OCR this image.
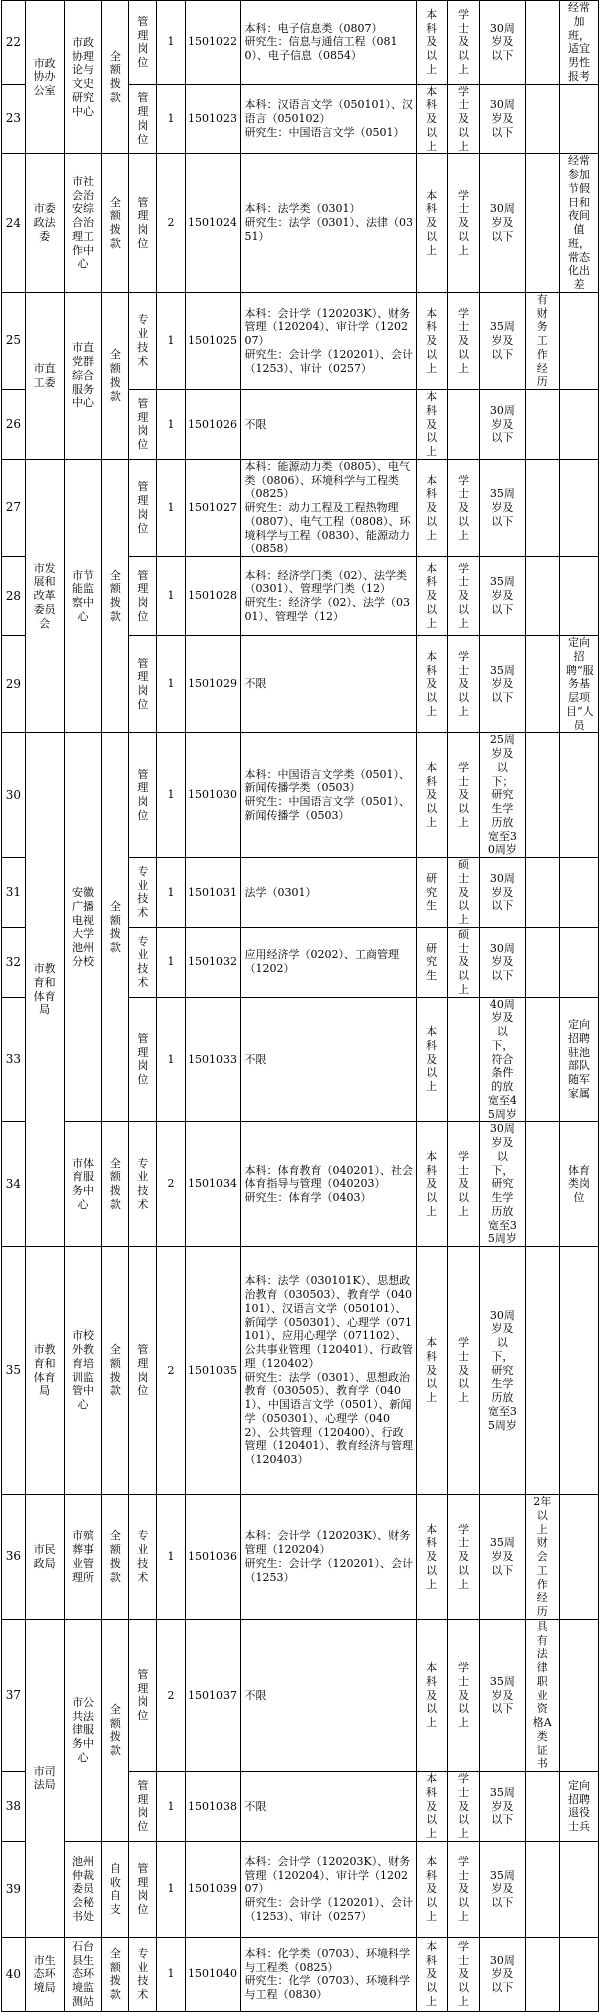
22	市政协办公室	市政协理论与文史研究中心	全额拨款	管理岗位	1	1501022	本科：电子信息类（0807）
研究生：信息与通信工程（0810）、电子信息（0854）	本科及以上	学士及以上	30周岁及以下		经常加班，适宜男性报考
23				管理岗位	1	1501023	本科：汉语言文学（050101）、汉语言（050102）
研究生：中国语言文学（0501）	本科及以上	学士及以上	30周岁及以下		
24	市委政法委	市社会治安综合治理工作中心	全额拨款	管理岗位	2	1501024	本科：法学类（0301）
研究生：法学（0301）、法律（0351）	本科及以上	学士及以上	30周岁及以下		经常参加节假日和夜间值班，常态化出差
25	市直工委	市直党群综合服务中心	全额拨款	专业技术	1	1501025	本科：会计学（120203K）、财务管理（120204）、审计学（120207）
研究生：会计学（120201）、会计（1253）、审计（0257）	本科及以上	学士及以上	35周岁及以下	有财务工作经历	
26				管理岗位	1	1501026	不限	本科及以上		30周岁及以下		
27	市发展和改革委员会	市节能监察中心	全额拨款	管理岗位	1	1501027	本科：能源动力类（0805）、电气类（0806）、环境科学与工程类（0825）
研究生：动力工程及工程热物理（0807）、电气工程（0808）、环境科学与工程（0830）、能源动力（0858）	本科及以上	学士及以上	35周岁及以下		
28				管理岗位	1	1501028	本科：经济学门类（02）、法学类（0301）、管理学门类（12）
研究生：经济学（02）、法学（0301）、管理学（12）	本科及以上	学士及以上	35周岁及以下		
29				管理岗位	1	1501029	不限	本科及以上	学士及以上	35周岁及以下		定向招聘“服务基层项目”人员
30	市教育和体育局	安徽广播电视大学池州分校	全额拨款	管理岗位	1	1501030	本科：中国语言文学类（0501）、新闻传播学类（0503）
研究生：中国语言文学（0501）、新闻传播学（0503）	本科及以上	学士及以上	25周岁及以下；研究生学历放宽至30周岁		
31				专业技术	1	1501031	法学（0301）	研究生	硕士及以上	30周岁及以下		
32				专业技术	1	1501032	应用经济学（0202）、工商管理（1202）	研究生	硕士及以上	30周岁及以下		
33				管理岗位	1	1501033	不限	本科及以上		40周岁及以下，符合条件的放宽至45周岁		定向招聘驻池部队随军家属
34		市体育服务中心	全额拨款	专业技术	2	1501034	本科：体育教育（040201）、社会体育指导与管理（040203）
研究生：体育学（0403）	本科及以上	学士及以上	30周岁及以下，研究生学历放宽至35周岁		体育类岗位
35	市教育和体育局	市校外教育培训监管中心	全额拨款	管理岗位	2	1501035	本科：法学（030101K）、思想政治教育（030503）、教育学（040101）、汉语言文学（050101）、新闻学（050301）、心理学（071101）、应用心理学（071102）、公共事业管理（120401）、行政管理（120402）
研究生：法学（0301）、思想政治教育（030505）、教育学（0401）、中国语言文学（0501）、新闻学（050301）、心理学（0402）、公共管理（120400）、行政管理（120401）、教育经济与管理（120403）	本科及以上	学士及以上	30周岁及以下，研究生学历放宽至35周岁		
36	市民政局	市殡葬事业管理所	全额拨款	专业技术	1	1501036	本科：会计学（120203K）、财务管理（120204）
研究生：会计学（120201）、会计（1253）	本科及以上	学士及以上	35周岁及以下	2年以上财会工作经历	
37	市司法局	市公共法律服务中心	全额拨款	管理岗位	2	1501037	不限	本科及以上	学士及以上	35周岁及以下	具有法律职业资格A类证书	
38				管理岗位	1	1501038	不限	本科及以上	学士及以上	35周岁及以下		定向招聘退役士兵
39		池州仲裁委员会秘书处	自收自支	管理岗位	1	1501039	本科：会计学（120203K）、财务管理（120204）、审计学（120207）
研究生：会计学（120201）、会计（1253）、审计（0257）	本科及以上	学士及以上	35周岁及以下		
40	市生态环境局	石台县生态环境监测站	全额拨款	专业技术	1	1501040	本科：化学类（0703）、环境科学与工程类（0825）
研究生：化学（0703）、环境科学与工程（0830）	本科及以上	学士及以上	30周岁及以下		
